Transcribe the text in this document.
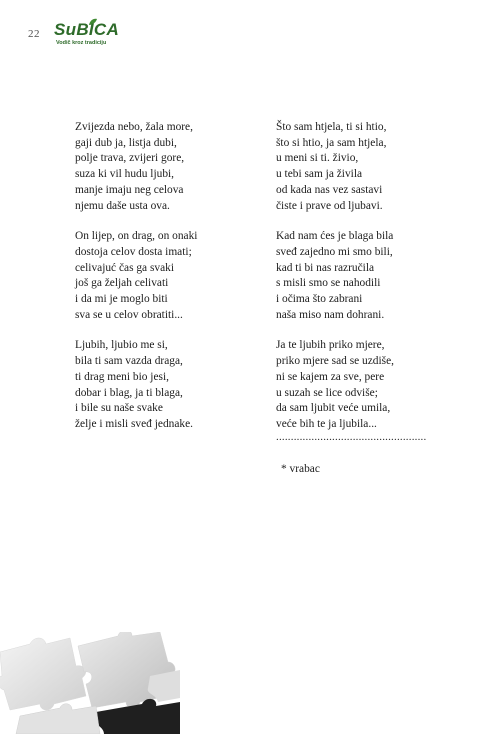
22 SuBICA
Vodič kroz tradiciju
Zvijezda nebo, žala more,
gaji dub ja, listja dubi,
polje trava, zvijeri gore,
suza ki vil hudu ljubi,
manje imaju neg celova
njemu daše usta ova.
On lijep, on drag, on onaki
dostoja celov dosta imati;
celivajuć čas ga svaki
još ga željah celivati
i da mi je moglo biti
sva se u celov obratiti...
Ljubih, ljubio me si,
bila ti sam vazda draga,
ti drag meni bio jesi,
dobar i blag, ja ti blaga,
i bile su naše svake
želje i misli sveđ jednake.
Što sam htjela, ti si htio,
što si htio, ja sam htjela,
u meni si ti. živio,
u tebi sam ja živila
od kada nas vez sastavi
čiste i prave od ljubavi.
Kad nam ćes je blaga bila
sveđ zajedno mi smo bili,
kad ti bi nas razručila
s misli smo se nahodili
i očima što zabrani
naša miso nam dohrani.
Ja te ljubih priko mjere,
priko mjere sad se uzdiše,
ni se kajem za sve, pere
u suzah se lice odviše;
da sam ljubit veće umila,
veće bih te ja ljubila...
...................................................
* vrabac
